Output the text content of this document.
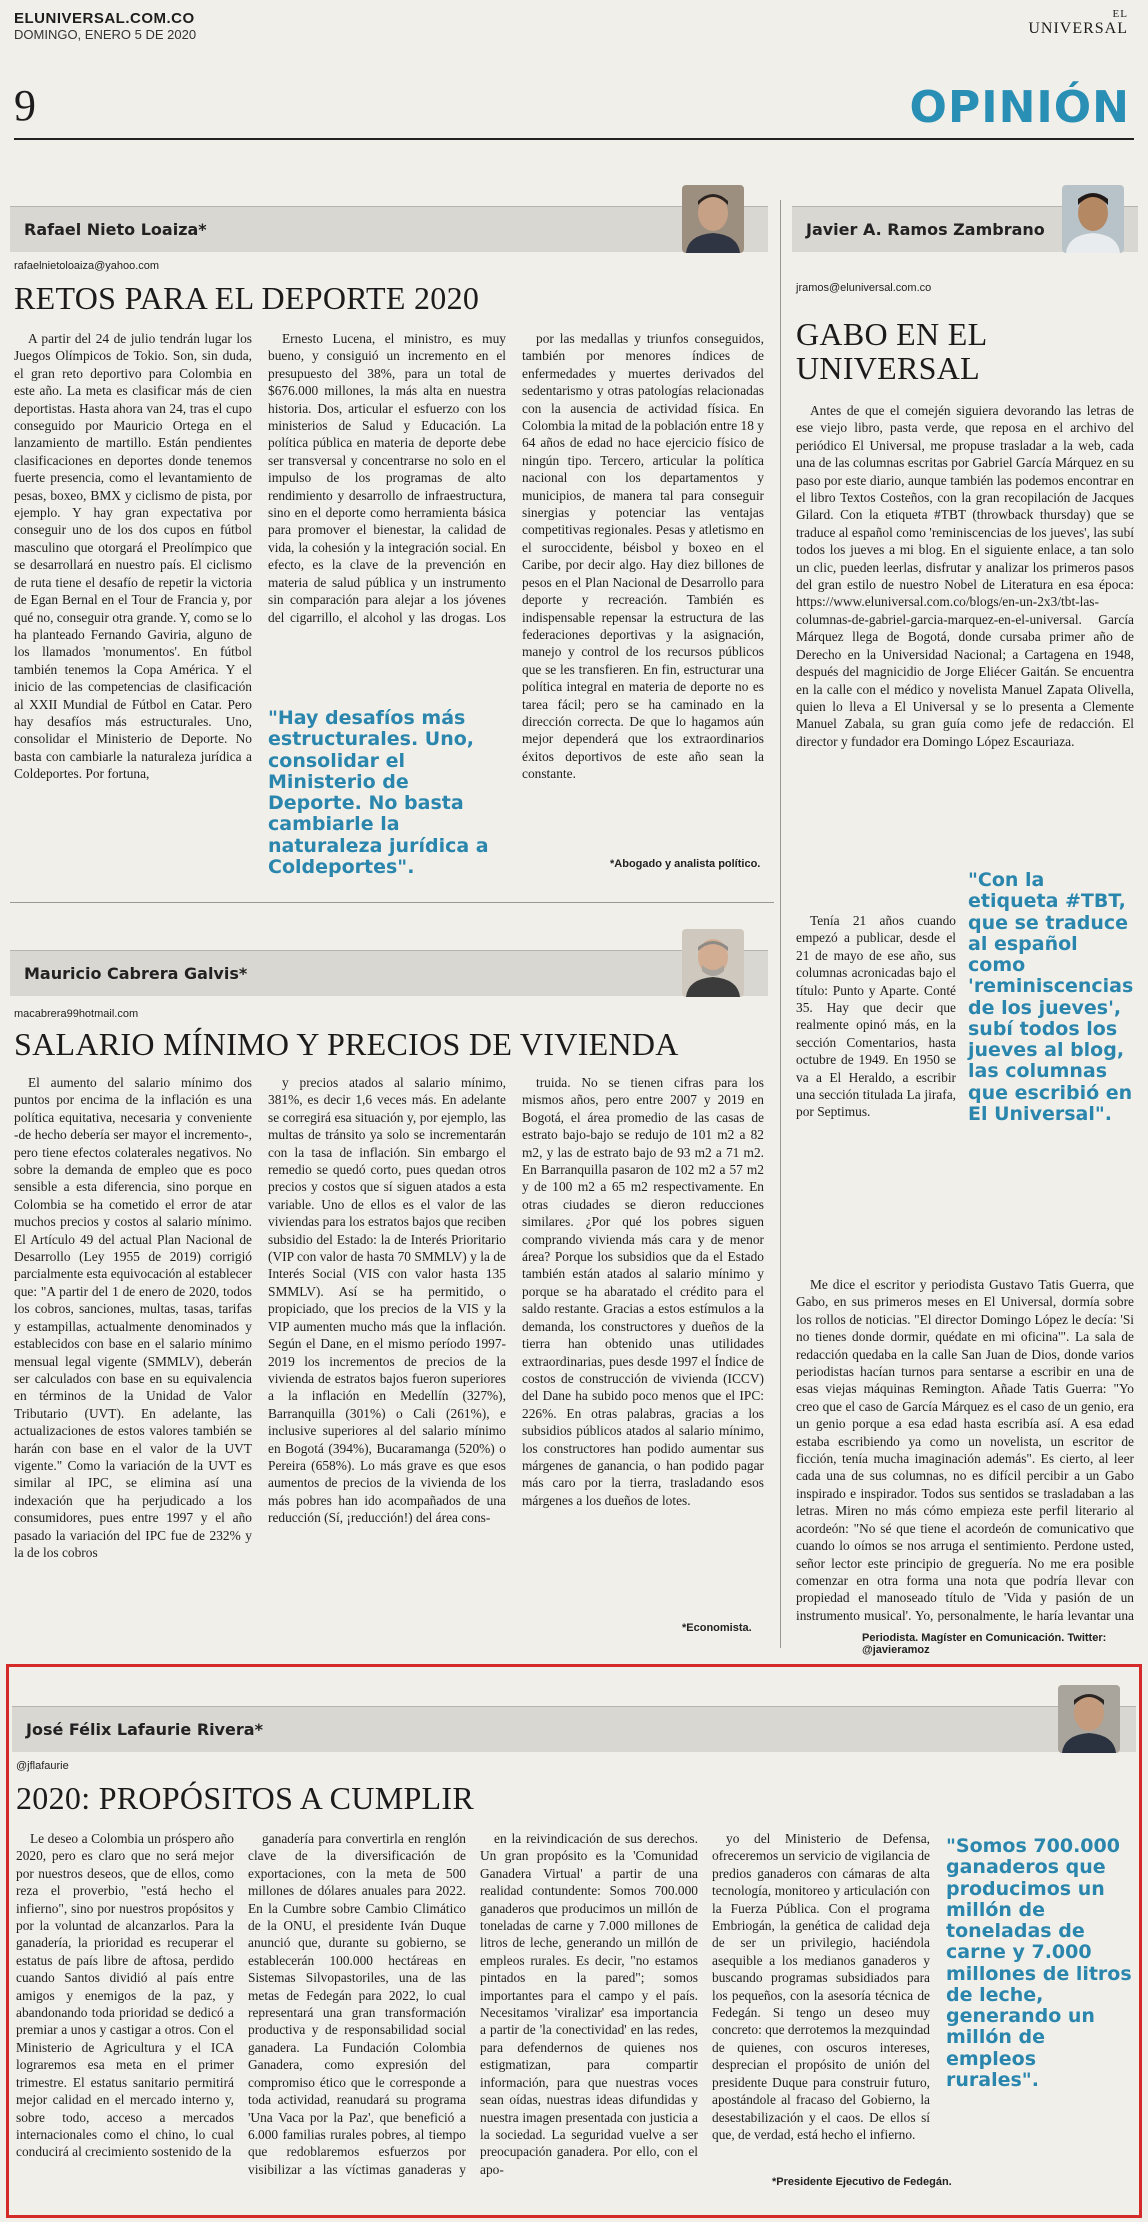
ELUNIVERSAL.COM.CO
DOMINGO, ENERO 5 DE 2020
9
EL
UNIVERSAL
OPINIÓN
Rafael Nieto Loaiza*
rafaelnietoloaiza@yahoo.com
RETOS PARA EL DEPORTE 2020

A partir del 24 de julio tendrán lugar los Juegos Olímpicos de Tokio. Son, sin duda, el gran reto deportivo para Colombia en este año. La meta es clasificar más de cien deportistas. Hasta ahora van 24, tras el cupo conseguido por Mauricio Ortega en el lanzamiento de martillo. Están pendientes clasificaciones en deportes donde tenemos fuerte presencia, como el levantamiento de pesas, boxeo, BMX y ciclismo de pista, por ejemplo. Y hay gran expectativa por conseguir uno de los dos cupos en fútbol masculino que otorgará el Preolímpico que se desarrollará en nuestro país. El ciclismo de ruta tiene el desafío de repetir la victoria de Egan Bernal en el Tour de Francia y, por qué no, conseguir otra grande. Y, como se lo ha planteado Fernando Gaviria, alguno de los llamados 'monumentos'. En fútbol también tenemos la Copa América. Y el inicio de las competencias de clasificación al XXII Mundial de Fútbol en Catar. Pero hay desafíos más estructurales. Uno, consolidar el Ministerio de Deporte. No basta con cambiarle la naturaleza jurídica a Coldeportes. Por fortuna,

Ernesto Lucena, el ministro, es muy bueno, y consiguió un incremento en el presupuesto del 38%, para un total de $676.000 millones, la más alta en nuestra historia. Dos, articular el esfuerzo con los ministerios de Salud y Educación. La política pública en materia de deporte debe ser transversal y concentrarse no solo en el impulso de los programas de alto rendimiento y desarrollo de infraestructura, sino en el deporte como herramienta básica para promover el bienestar, la calidad de vida, la cohesión y la integración social. En efecto, es la clave de la prevención en materia de salud pública y un instrumento sin comparación para alejar a los jóvenes del cigarrillo, el alcohol y las drogas. Los

"Hay desafíos más estructurales. Uno, consolidar el Ministerio de Deporte. No basta cambiarle la naturaleza jurídica a Coldeportes".

por las medallas y triunfos conseguidos, también por menores índices de enfermedades y muertes derivados del sedentarismo y otras patologías relacionadas con la ausencia de actividad física. En Colombia la mitad de la población entre 18 y 64 años de edad no hace ejercicio físico de ningún tipo. Tercero, articular la política nacional con los departamentos y municipios, de manera tal para conseguir sinergias y potenciar las ventajas competitivas regionales. Pesas y atletismo en el suroccidente, béisbol y boxeo en el Caribe, por decir algo. Hay diez billones de pesos en el Plan Nacional de Desarrollo para deporte y recreación. También es indispensable repensar la estructura de las federaciones deportivas y la asignación, manejo y control de los recursos públicos que se les transfieren. En fin, estructurar una política integral en materia de deporte no es tarea fácil; pero se ha caminado en la dirección correcta. De que lo hagamos aún mejor dependerá que los extraordinarios éxitos deportivos de este año sean la constante.

*Abogado y analista político.
Javier A. Ramos Zambrano
jramos@eluniversal.com.co
GABO EN EL UNIVERSAL

Antes de que el comején siguiera devorando las letras de ese viejo libro, pasta verde, que reposa en el archivo del periódico El Universal, me propuse trasladar a la web, cada una de las columnas escritas por Gabriel García Márquez en su paso por este diario, aunque también las podemos encontrar en el libro Textos Costeños, con la gran recopilación de Jacques Gilard. Con la etiqueta #TBT (throwback thursday) que se traduce al español como 'reminiscencias de los jueves', las subí todos los jueves a mi blog. En el siguiente enlace, a tan solo un clic, pueden leerlas, disfrutar y analizar los primeros pasos del gran estilo de nuestro Nobel de Literatura en esa época: https://www.eluniversal.com.co/blogs/en-un-2x3/tbt-las-columnas-de-gabriel-garcia-marquez-en-el-universal. García Márquez llega de Bogotá, donde cursaba primer año de Derecho en la Universidad Nacional; a Cartagena en 1948, después del magnicidio de Jorge Eliécer Gaitán. Se encuentra en la calle con el médico y novelista Manuel Zapata Olivella, quien lo lleva a El Universal y se lo presenta a Clemente Manuel Zabala, su gran guía como jefe de redacción. El director y fundador era Domingo López Escauriaza.

Tenía 21 años cuando empezó a publicar, desde el 21 de mayo de ese año, sus columnas acronicadas bajo el título: Punto y Aparte. Conté 35. Hay que decir que realmente opinó más, en la sección Comentarios, hasta octubre de 1949. En 1950 se va a El Heraldo, a escribir una sección titulada La jirafa, por Septimus.

"Con la etiqueta #TBT, que se traduce al español como 'reminiscencias de los jueves', subí todos los jueves al blog, las columnas que escribió en El Universal".

Me dice el escritor y periodista Gustavo Tatis Guerra, que Gabo, en sus primeros meses en El Universal, dormía sobre los rollos de noticias. "El director Domingo López le decía: 'Si no tienes donde dormir, quédate en mi oficina'". La sala de redacción quedaba en la calle San Juan de Dios, donde varios periodistas hacían turnos para sentarse a escribir en una de esas viejas máquinas Remington. Añade Tatis Guerra: "Yo creo que el caso de García Márquez es el caso de un genio, era un genio porque a esa edad hasta escribía así. A esa edad estaba escribiendo ya como un novelista, un escritor de ficción, tenía mucha imaginación además". Es cierto, al leer cada una de sus columnas, no es difícil percibir a un Gabo inspirado e inspirador. Todos sus sentidos se trasladaban a las letras. Miren no más cómo empieza este perfil literario al acordeón: "No sé que tiene el acordeón de comunicativo que cuando lo oímos se nos arruga el sentimiento. Perdone usted, señor lector este principio de greguería. No me era posible comenzar en otra forma una nota que podría llevar con propiedad el manoseado título de 'Vida y pasión de un instrumento musical'. Yo, personalmente, le haría levantar una

Periodista. Magíster en Comunicación. Twitter: @javieramoz
Mauricio Cabrera Galvis*
macabrera99hotmail.com
SALARIO MÍNIMO Y PRECIOS DE VIVIENDA

El aumento del salario mínimo dos puntos por encima de la inflación es una política equitativa, necesaria y conveniente -de hecho debería ser mayor el incremento-, pero tiene efectos colaterales negativos. No sobre la demanda de empleo que es poco sensible a esta diferencia, sino porque en Colombia se ha cometido el error de atar muchos precios y costos al salario mínimo. El Artículo 49 del actual Plan Nacional de Desarrollo (Ley 1955 de 2019) corrigió parcialmente esta equivocación al establecer que: "A partir del 1 de enero de 2020, todos los cobros, sanciones, multas, tasas, tarifas y estampillas, actualmente denominados y establecidos con base en el salario mínimo mensual legal vigente (SMMLV), deberán ser calculados con base en su equivalencia en términos de la Unidad de Valor Tributario (UVT). En adelante, las actualizaciones de estos valores también se harán con base en el valor de la UVT vigente." Como la variación de la UVT es similar al IPC, se elimina así una indexación que ha perjudicado a los consumidores, pues entre 1997 y el año pasado la variación del IPC fue de 232% y la de los cobros

y precios atados al salario mínimo, 381%, es decir 1,6 veces más. En adelante se corregirá esa situación y, por ejemplo, las multas de tránsito ya solo se incrementarán con la tasa de inflación. Sin embargo el remedio se quedó corto, pues quedan otros precios y costos que sí siguen atados a esta variable. Uno de ellos es el valor de las viviendas para los estratos bajos que reciben subsidio del Estado: la de Interés Prioritario (VIP con valor de hasta 70 SMMLV) y la de Interés Social (VIS con valor hasta 135 SMMLV). Así se ha permitido, o propiciado, que los precios de la VIS y la VIP aumenten mucho más que la inflación. Según el Dane, en el mismo período 1997-2019 los incrementos de precios de la vivienda de estratos bajos fueron superiores a la inflación en Medellín (327%), Barranquilla (301%) o Cali (261%), e inclusive superiores al del salario mínimo en Bogotá (394%), Bucaramanga (520%) o Pereira (658%). Lo más grave es que esos aumentos de precios de la vivienda de los más pobres han ido acompañados de una reducción (Sí, ¡reducción!) del área cons-

truida. No se tienen cifras para los mismos años, pero entre 2007 y 2019 en Bogotá, el área promedio de las casas de estrato bajo-bajo se redujo de 101 m2 a 82 m2, y las de estrato bajo de 93 m2 a 71 m2. En Barranquilla pasaron de 102 m2 a 57 m2 y de 100 m2 a 65 m2 respectivamente. En otras ciudades se dieron reducciones similares. ¿Por qué los pobres siguen comprando vivienda más cara y de menor área? Porque los subsidios que da el Estado también están atados al salario mínimo y porque se ha abaratado el crédito para el saldo restante. Gracias a estos estímulos a la demanda, los constructores y dueños de la tierra han obtenido unas utilidades extraordinarias, pues desde 1997 el Índice de costos de construcción de vivienda (ICCV) del Dane ha subido poco menos que el IPC: 226%. En otras palabras, gracias a los subsidios públicos atados al salario mínimo, los constructores han podido aumentar sus márgenes de ganancia, o han podido pagar más caro por la tierra, trasladando esos márgenes a los dueños de lotes.

*Economista.
José Félix Lafaurie Rivera*
@jflafaurie
2020: PROPÓSITOS A CUMPLIR

Le deseo a Colombia un próspero año 2020, pero es claro que no será mejor por nuestros deseos, que de ellos, como reza el proverbio, "está hecho el infierno", sino por nuestros propósitos y por la voluntad de alcanzarlos. Para la ganadería, la prioridad es recuperar el estatus de país libre de aftosa, perdido cuando Santos dividió al país entre amigos y enemigos de la paz, y abandonando toda prioridad se dedicó a premiar a unos y castigar a otros. Con el Ministerio de Agricultura y el ICA lograremos esa meta en el primer trimestre. El estatus sanitario permitirá mejor calidad en el mercado interno y, sobre todo, acceso a mercados internacionales como el chino, lo cual conducirá al crecimiento sostenido de la

ganadería para convertirla en renglón clave de la diversificación de exportaciones, con la meta de 500 millones de dólares anuales para 2022. En la Cumbre sobre Cambio Climático de la ONU, el presidente Iván Duque anunció que, durante su gobierno, se establecerán 100.000 hectáreas en Sistemas Silvopastoriles, una de las metas de Fedegán para 2022, lo cual representará una gran transformación productiva y de responsabilidad social ganadera. La Fundación Colombia Ganadera, como expresión del compromiso ético que le corresponde a toda actividad, reanudará su programa 'Una Vaca por la Paz', que benefició a 6.000 familias rurales pobres, al tiempo que redoblaremos esfuerzos por visibilizar a las víctimas ganaderas y

en la reivindicación de sus derechos. Un gran propósito es la 'Comunidad Ganadera Virtual' a partir de una realidad contundente: Somos 700.000 ganaderos que producimos un millón de toneladas de carne y 7.000 millones de litros de leche, generando un millón de empleos rurales. Es decir, "no estamos pintados en la pared"; somos importantes para el campo y el país. Necesitamos 'viralizar' esa importancia a partir de 'la conectividad' en las redes, para defendernos de quienes nos estigmatizan, para compartir información, para que nuestras voces sean oídas, nuestras ideas difundidas y nuestra imagen presentada con justicia a la sociedad. La seguridad vuelve a ser preocupación ganadera. Por ello, con el apo-

yo del Ministerio de Defensa, ofreceremos un servicio de vigilancia de predios ganaderos con cámaras de alta tecnología, monitoreo y articulación con la Fuerza Pública. Con el programa Embriogán, la genética de calidad deja de ser un privilegio, haciéndola asequible a los medianos ganaderos y buscando programas subsidiados para los pequeños, con la asesoría técnica de Fedegán. Si tengo un deseo muy concreto: que derrotemos la mezquindad de quienes, con oscuros intereses, desprecian el propósito de unión del presidente Duque para construir futuro, apostándole al fracaso del Gobierno, la desestabilización y el caos. De ellos sí que, de verdad, está hecho el infierno.

"Somos 700.000 ganaderos que producimos un millón de toneladas de carne y 7.000 millones de litros de leche, generando un millón de empleos rurales".
*Presidente Ejecutivo de Fedegán.
